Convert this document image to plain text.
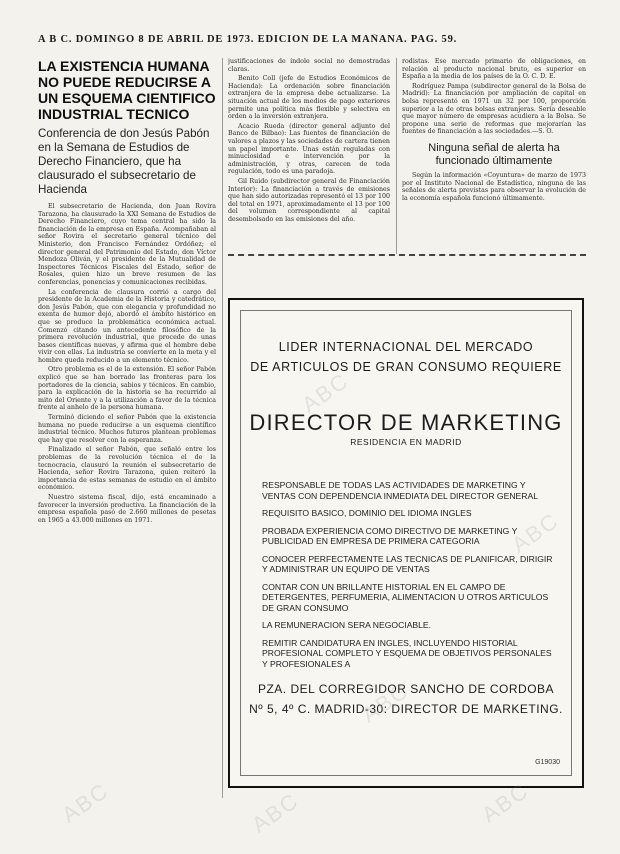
A B C. DOMINGO 8 DE ABRIL DE 1973. EDICION DE LA MAÑANA. PAG. 59.
LA EXISTENCIA HUMANA NO PUEDE REDUCIRSE A UN ESQUEMA CIENTIFICO INDUSTRIAL TECNICO

Conferencia de don Jesús Pabón en la Semana de Estudios de Derecho Financiero, que ha clausurado el subsecretario de Hacienda

El subsecretario de Hacienda, don Juan Rovira Tarazona, ha clausurado la XXI Semana de Estudios de Derecho Financiero, cuyo tema central ha sido la financiación de la empresa en España. Acompañaban al señor Rovira el secretario general técnico del Ministerio, don Francisco Fernández Ordóñez; el director general del Patrimonio del Estado, don Víctor Mendoza Oliván, y el presidente de la Mutualidad de Inspectores Técnicos Fiscales del Estado, señor de Rosales, quien hizo un breve resumen de las conferencias, ponencias y comunicaciones recibidas.

La conferencia de clausura corrió a cargo del presidente de la Academia de la Historia y catedrático, don Jesús Pabón, que con elegancia y profundidad no exenta de humor dejó, abordó el ámbito histórico en que se produce la problemática económica actual. Comenzó citando un antecedente filosófico de la primera revolución industrial, que procede de unas bases científicas nuevas, y afirma que el hombre debe vivir con ellas. La industria se convierte en la meta y el hombre queda reducido a un elemento técnico.

Otro problema es el de la extensión. El señor Pabón explicó que se han borrado las fronteras para los portadores de la ciencia, sabios y técnicos. En cambio, para la explicación de la historia se ha recurrido al mito del Oriente y a la utilización a favor de la técnica frente al anhelo de la persona humana.

Terminó diciendo el señor Pabón que la existencia humana no puede reducirse a un esquema científico industrial técnico. Muchos futuros plantean problemas que hay que resolver con la esperanza.

Finalizado el señor Pabón, que señaló entre los problemas de la revolución técnica el de la tecnocracia, clausuró la reunión el subsecretario de Hacienda, señor Rovira Tarazona, quien reiteró la importancia de estas semanas de estudio en el ámbito económico.

Nuestro sistema fiscal, dijo, está encaminado a favorecer la inversión productiva. La financiación de la empresa española pasó de 2.660 millones de pesetas en 1965 a 43.000 millones en 1971.

justificaciones de índole social no demostradas claras.

Benito Coll (jefe de Estudios Económicos de Hacienda): La ordenación sobre financiación extranjera de la empresa debe actualizarse. La situación actual de los medios de pago exteriores permite una política más flexible y selectiva en orden a la inversión extranjera.

Acacio Rueda (director general adjunto del Banco de Bilbao): Las fuentes de financiación de valores a plazos y las sociedades de cartera tienen un papel importante. Unas están reguladas con minuciosidad e intervención por la administración, y otras, carecen de toda regulación, todo es una paradoja.

Gil Ruido (subdirector general de Financiación Interior): La financiación a través de emisiones que han sido autorizadas representó el 13 por 100 del total en 1971, aproximadamente el 13 por 100 del volumen correspondiente al capital desembolsado en las emisiones del año.

rodistas. Ese mercado primario de obligaciones, en relación al producto nacional bruto, es superior en España a la media de los países de la O. C. D. E.

Rodríguez Pampa (subdirector general de la Bolsa de Madrid): La financiación por ampliación de capital en bolsa representó en 1971 un 32 por 100, proporción superior a la de otras bolsas extranjeras. Sería deseable que mayor número de empresas acudiera a la Bolsa. Se propone una serie de reformas que mejorarían las fuentes de financiación a las sociedades.—S. O.

Ninguna señal de alerta ha funcionado últimamente

Según la información «Coyuntura» de marzo de 1973 por el Instituto Nacional de Estadística, ninguna de las señales de alerta previstas para observar la evolución de la economía española funcionó últimamente.

LIDER INTERNACIONAL DEL MERCADO
DE ARTICULOS DE GRAN CONSUMO REQUIERE
DIRECTOR DE MARKETING
RESIDENCIA EN MADRID
RESPONSABLE DE TODAS LAS ACTIVIDADES DE MARKETING Y VENTAS CON DEPENDENCIA INMEDIATA DEL DIRECTOR GENERAL
REQUISITO BASICO, DOMINIO DEL IDIOMA INGLES
PROBADA EXPERIENCIA COMO DIRECTIVO DE MARKETING Y PUBLICIDAD EN EMPRESA DE PRIMERA CATEGORIA
CONOCER PERFECTAMENTE LAS TECNICAS DE PLANIFICAR, DIRIGIR Y ADMINISTRAR UN EQUIPO DE VENTAS
CONTAR CON UN BRILLANTE HISTORIAL EN EL CAMPO DE DETERGENTES, PERFUMERIA, ALIMENTACION U OTROS ARTICULOS DE GRAN CONSUMO
LA REMUNERACION SERA NEGOCIABLE.
REMITIR CANDIDATURA EN INGLES, INCLUYENDO HISTORIAL PROFESIONAL COMPLETO Y ESQUEMA DE OBJETIVOS PERSONALES Y PROFESIONALES A
PZA. DEL CORREGIDOR SANCHO DE CORDOBA
Nº 5, 4º C. MADRID-30: DIRECTOR DE MARKETING.
G19030
ABC	ABC	ABC
